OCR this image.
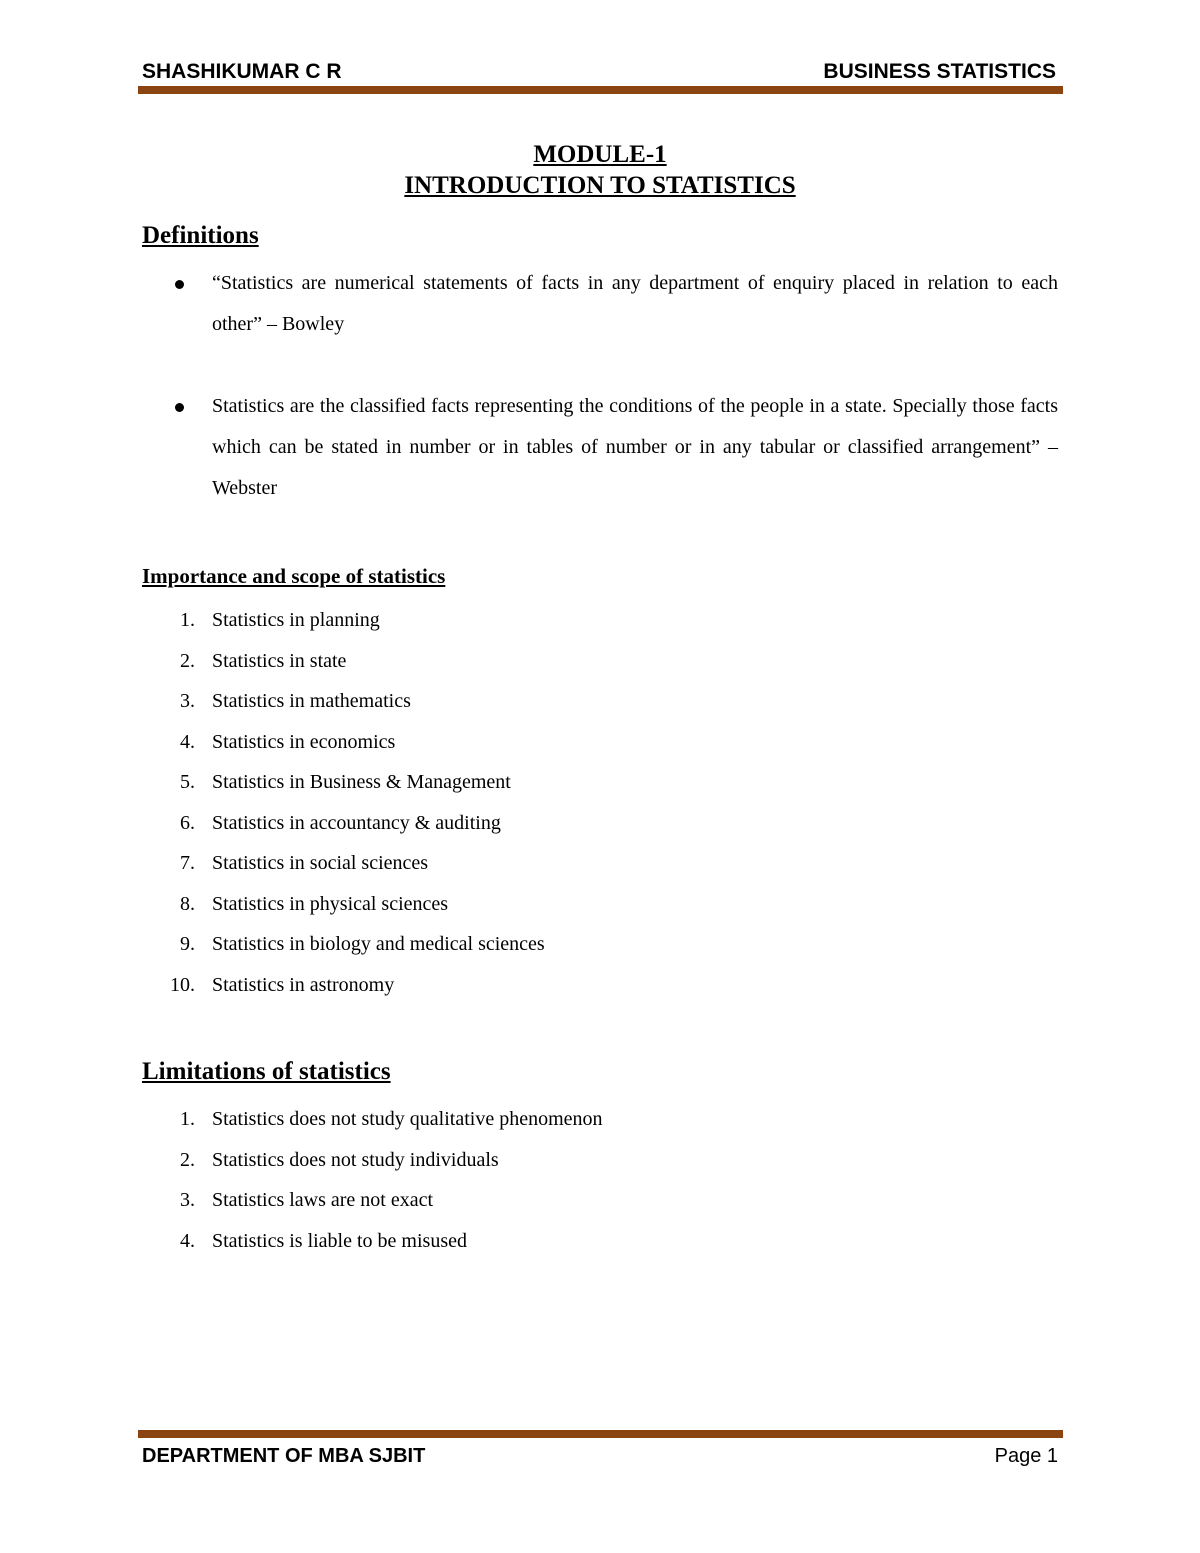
SHASHIKUMAR C R	BUSINESS STATISTICS
MODULE-1
INTRODUCTION TO STATISTICS
Definitions
“Statistics are numerical statements of facts in any department of enquiry placed in relation to each other” – Bowley
Statistics are the classified facts representing the conditions of the people in a state. Specially those facts which can be stated in number or in tables of number or in any tabular or classified arrangement” – Webster
Importance and scope of statistics
1. Statistics in planning
2. Statistics in state
3. Statistics in mathematics
4. Statistics in economics
5. Statistics in Business & Management
6. Statistics in accountancy & auditing
7. Statistics in social sciences
8. Statistics in physical sciences
9. Statistics in biology and medical sciences
10. Statistics in astronomy
Limitations of statistics
1. Statistics does not study qualitative phenomenon
2. Statistics does not study individuals
3. Statistics laws are not exact
4. Statistics is liable to be misused
DEPARTMENT OF MBA SJBIT	Page 1
